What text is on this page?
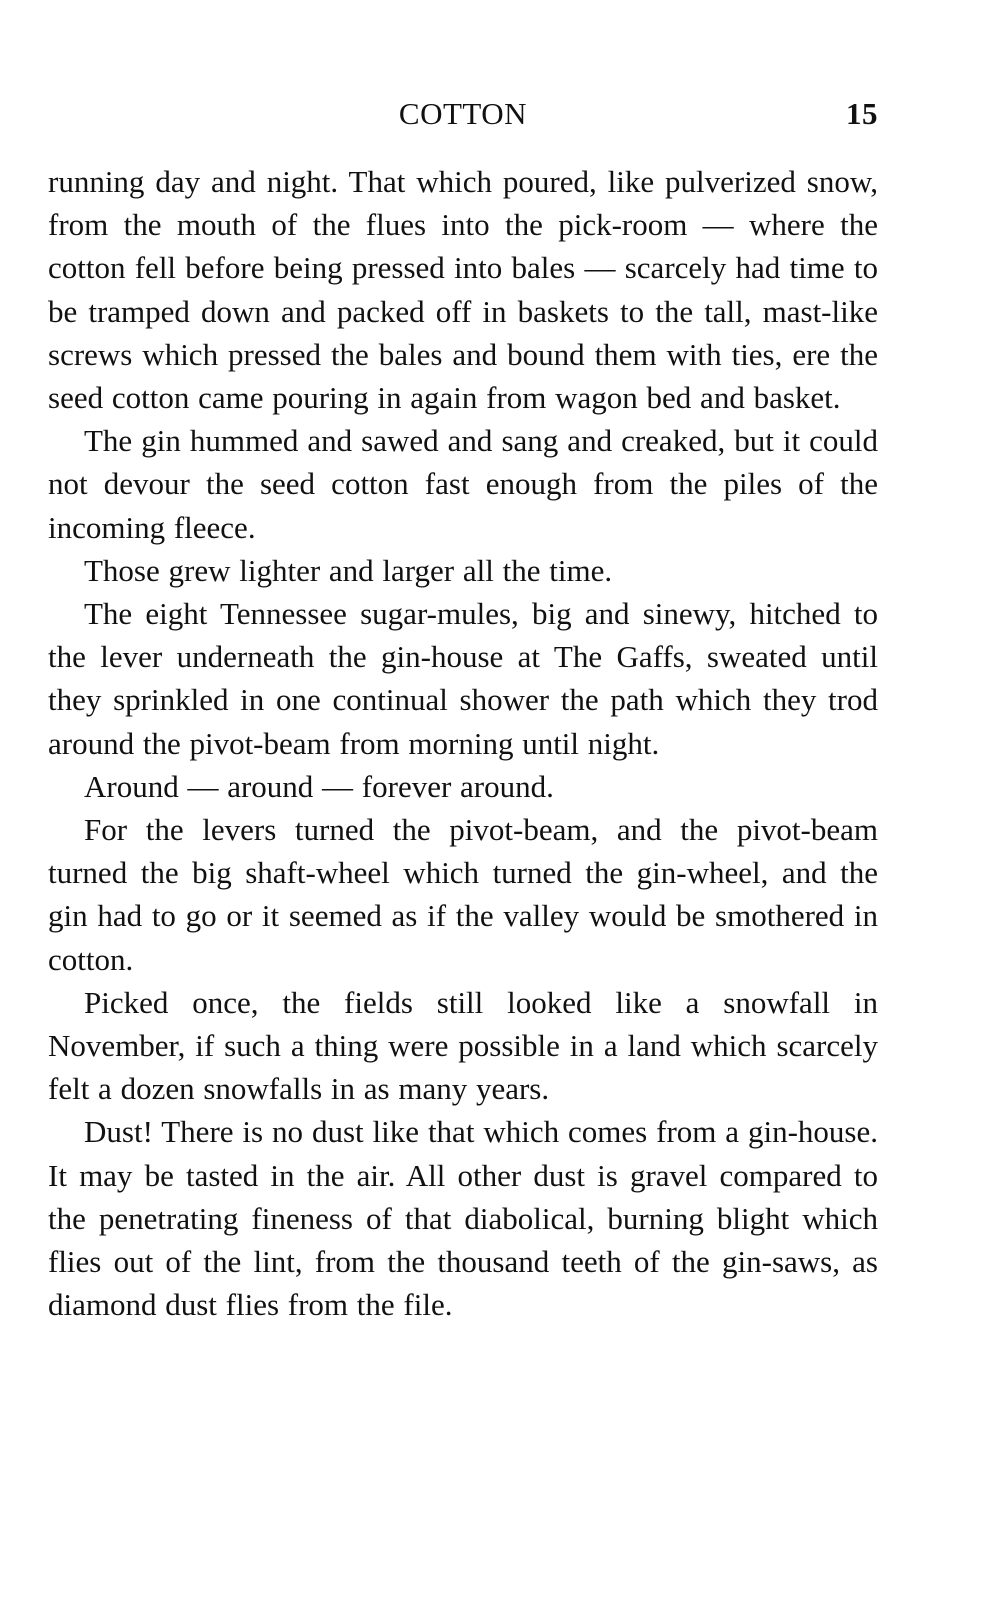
COTTON	15

running day and night. That which poured, like pulverized snow, from the mouth of the flues into the pick-room — where the cotton fell before being pressed into bales — scarcely had time to be tramped down and packed off in baskets to the tall, mast-like screws which pressed the bales and bound them with ties, ere the seed cotton came pouring in again from wagon bed and basket.

The gin hummed and sawed and sang and creaked, but it could not devour the seed cotton fast enough from the piles of the incoming fleece.

Those grew lighter and larger all the time.

The eight Tennessee sugar-mules, big and sinewy, hitched to the lever underneath the gin-house at The Gaffs, sweated until they sprinkled in one continual shower the path which they trod around the pivot-beam from morning until night.

Around — around — forever around.

For the levers turned the pivot-beam, and the pivot-beam turned the big shaft-wheel which turned the gin-wheel, and the gin had to go or it seemed as if the valley would be smothered in cotton.

Picked once, the fields still looked like a snowfall in November, if such a thing were possible in a land which scarcely felt a dozen snowfalls in as many years.

Dust! There is no dust like that which comes from a gin-house. It may be tasted in the air. All other dust is gravel compared to the penetrating fineness of that diabolical, burning blight which flies out of the lint, from the thousand teeth of the gin-saws, as diamond dust flies from the file.
